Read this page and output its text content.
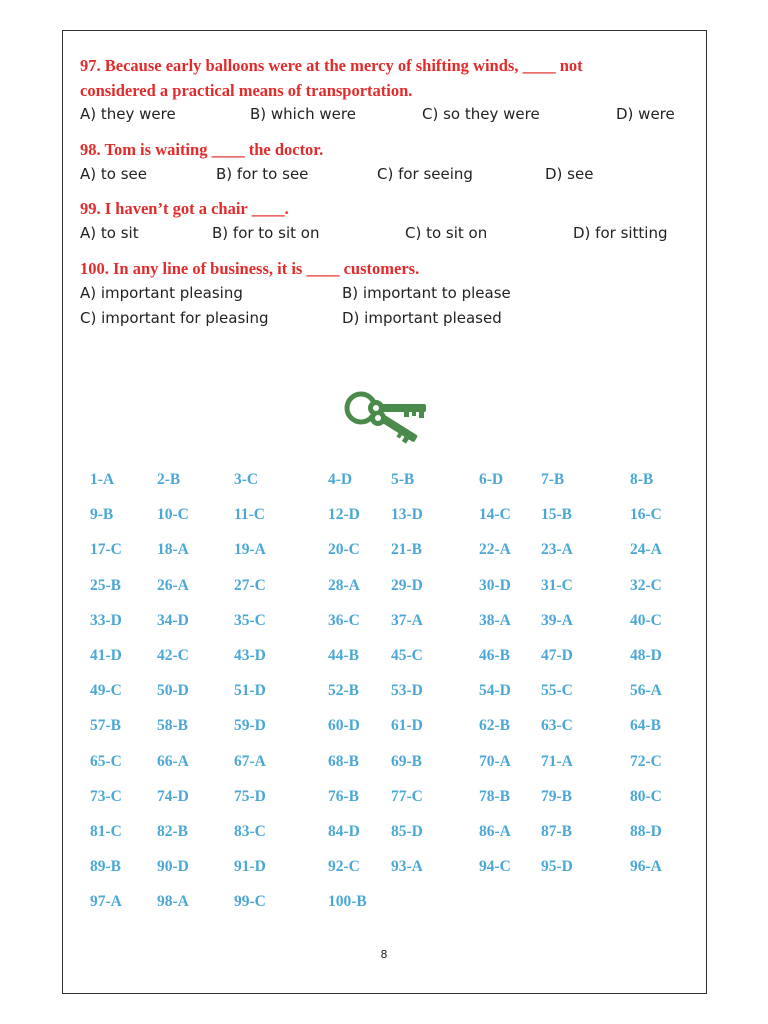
97. Because early balloons were at the mercy of shifting winds, ____ not
considered a practical means of transportation.
A) they were	B) which were	C) so they were	D) were
98. Tom is waiting ____ the doctor.
A) to see	B) for to see	C) for seeing	D) see
99. I haven’t got a chair ____.
A) to sit	B) for to sit on	C) to sit on	D) for sitting
100. In any line of business, it is ____ customers.
A) important pleasing	B) important to please
C) important for pleasing	D) important pleased
1-A	2-B	3-C	4-D	5-B	6-D 7-B	8-B
9-B	10-C	11-C	12-D 13-D	14-C 15-B	16-C
17-C 18-A	19-A	20-C 21-B	22-A 23-A	24-A
25-B 26-A	27-C	28-A 29-D	30-D 31-C	32-C
33-D 34-D	35-C	36-C 37-A	38-A 39-A	40-C
41-D 42-C	43-D	44-B 45-C	46-B 47-D	48-D
49-C 50-D	51-D	52-B 53-D	54-D 55-C	56-A
57-B 58-B	59-D	60-D 61-D	62-B 63-C	64-B
65-C 66-A	67-A	68-B 69-B	70-A 71-A	72-C
73-C 74-D	75-D	76-B 77-C	78-B 79-B	80-C
81-C 82-B	83-C	84-D 85-D	86-A 87-B	88-D
89-B 90-D	91-D	92-C 93-A	94-C 95-D	96-A
97-A 98-A	99-C	100-B
8
